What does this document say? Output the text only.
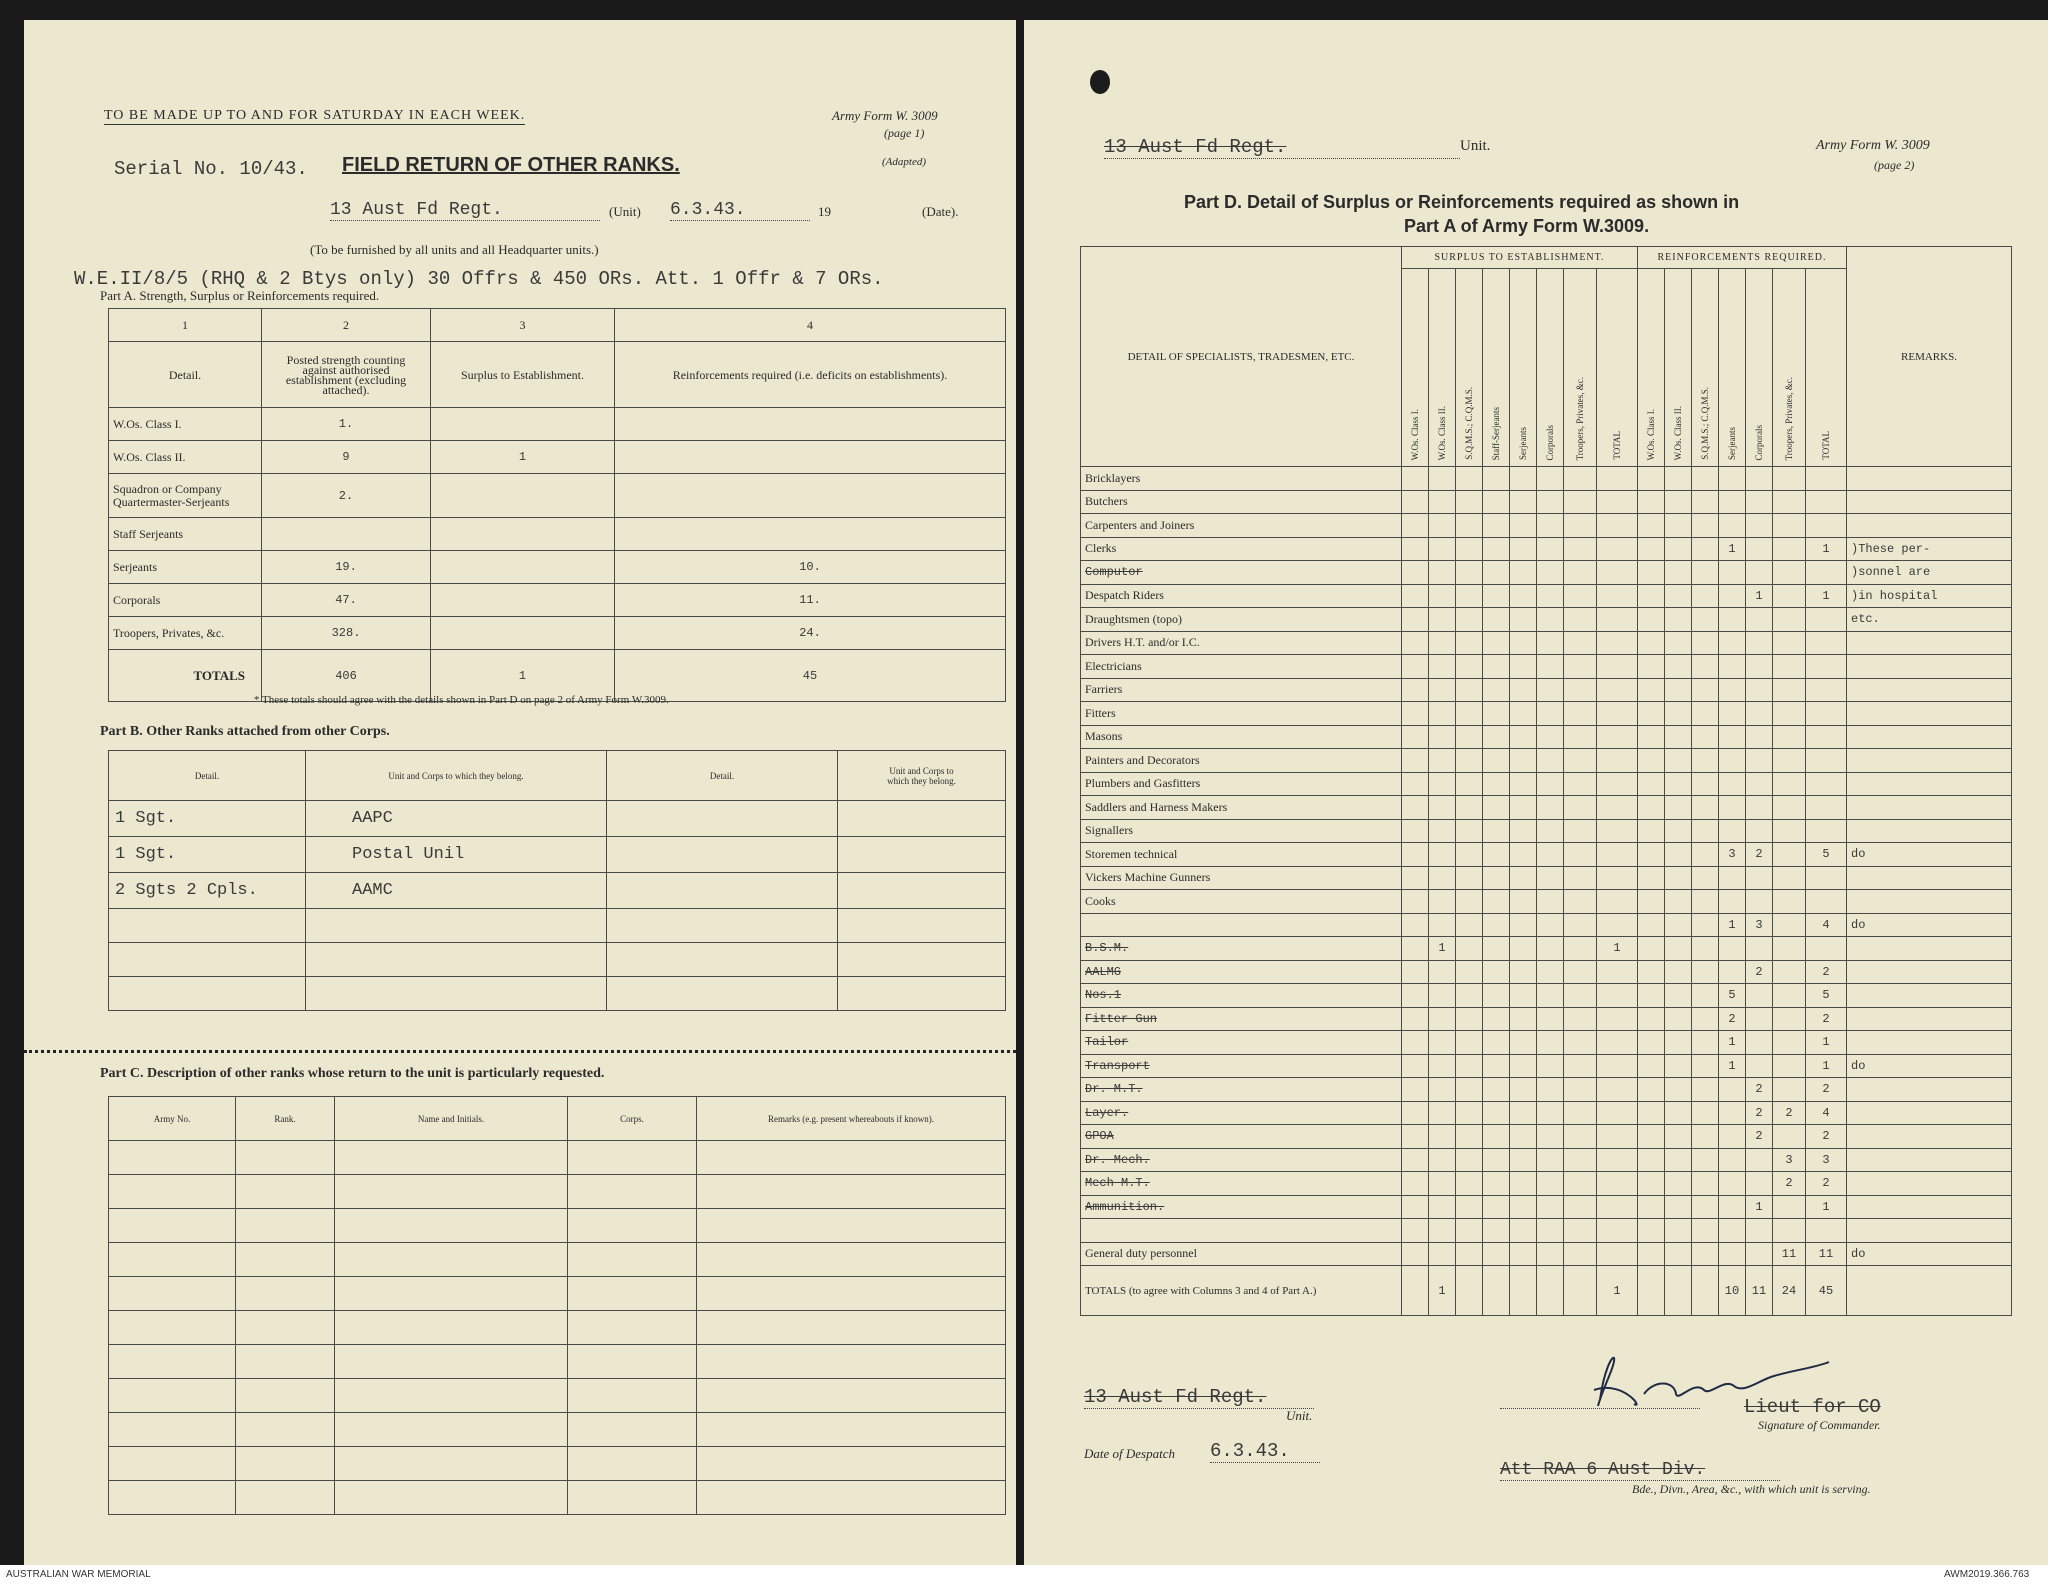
TO BE MADE UP TO AND FOR SATURDAY IN EACH WEEK.	Army Form W. 3009
(page 1)
(Adapted)
Serial No. 10/43. FIELD RETURN OF OTHER RANKS.
13 Aust Fd Regt.	(Unit) 6.3.43.	19	(Date).
(To be furnished by all units and all Headquarter units.)
W.E.II/8/5 (RHQ & 2 Btys only) 30 Offrs & 450 ORs. Att. 1 Offr & 7 ORs.
Part A. Strength, Surplus or Reinforcements required.
1	2	3	4
Detail.	Posted strength counting against authorised establishment (excluding attached).	Surplus to Establishment.	Reinforcements required (i.e. deficits on establishments).
W.Os. Class I.	1.		
W.Os. Class II.	9	1	
Squadron or Company Quartermaster-Serjeants	2.		
Staff Serjeants			
Serjeants	19.		10.
Corporals	47.		11.
Troopers, Privates, &c.	328.		24.
TOTALS	406	1	45
* These totals should agree with the details shown in Part D on page 2 of Army Form W.3009.
Part B. Other Ranks attached from other Corps.
Detail.	Unit and Corps to which they belong.	Detail.	Unit and Corps to which they belong.
1 Sgt.	AAPC		
1 Sgt.	Postal Unil		
2 Sgts 2 Cpls.	AAMC		

Part C. Description of other ranks whose return to the unit is particularly requested.
Army No.	Rank.	Name and Initials.	Corps.	Remarks (e.g. present whereabouts if known).

13 Aust Fd Regt.	Unit.	Army Form W. 3009
(page 2)
Part D. Detail of Surplus or Reinforcements required as shown in
Part A of Army Form W.3009.
DETAIL OF SPECIALISTS, TRADESMEN, ETC.	SURPLUS TO ESTABLISHMENT.								REINFORCEMENTS REQUIRED.							REMARKS.

	W.Os. Class I.	W.Os. Class II.	S.Q.M.S.; C.Q.M.S.	Staff-Serjeants	Serjeants	Corporals	Troopers, Privates, &c.	TOTAL	W.Os. Class I.	W.Os. Class II.	S.Q.M.S.; C.Q.M.S.	Serjeants	Corporals	Troopers, Privates, &c.	TOTAL	

Bricklayers																
Butchers																
Carpenters and Joiners																
Clerks												1			1	)These per-
Computor																)sonnel are
Despatch Riders													1		1	)in hospital
Draughtsmen (topo)																etc.
Drivers H.T. and/or I.C.																
Electricians																
Farriers																
Fitters																
Masons																
Painters and Decorators																
Plumbers and Gasfitters																
Saddlers and Harness Makers																
Signallers																
Storemen technical												3	2		5	do
Vickers Machine Gunners																
Cooks																
												1	3		4	do
B.S.M.		1						1								
AALMG													2		2	
Nos.1												5			5	
Fitter Gun												2			2	
Tailor												1			1	
Transport												1			1	do
Dr. M.T.													2		2	
Layer.													2	2	4	
GPOA													2		2	
Dr. Mech.														3	3	
Mech M.T.														2	2	
Ammunition.													1		1	

General duty personnel														11	11	do
TOTALS (to agree with Columns 3 and 4 of Part A.)		1						1				10	11	24	45	
13 Aust Fd Regt.
Unit.	Lieut for CO
Signature of Commander.
Date of Despatch 6.3.43.
Att RAA 6 Aust Div.
Bde., Divn., Area, &c., with which unit is serving.
AUSTRALIAN WAR MEMORIAL	AWM2019.366.763
